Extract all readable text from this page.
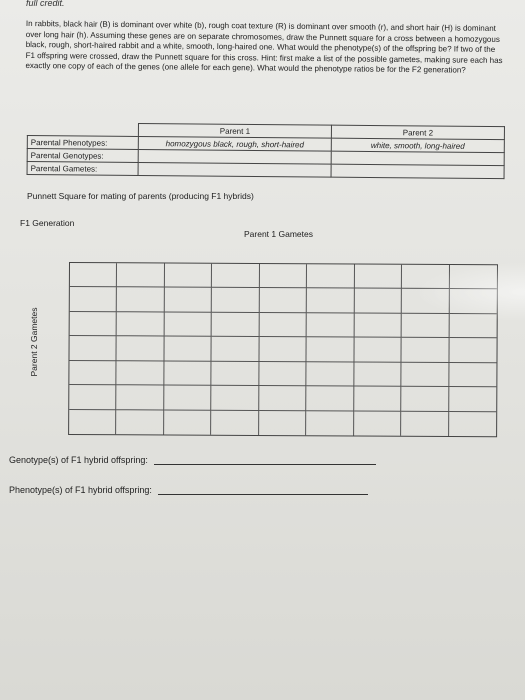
full credit.
In rabbits, black hair (B) is dominant over white (b), rough coat texture (R) is dominant over smooth (r), and short hair (H) is dominant over long hair (h). Assuming these genes are on separate chromosomes, draw the Punnett square for a cross between a homozygous black, rough, short-haired rabbit and a white, smooth, long-haired one. What would the phenotype(s) of the offspring be? If two of the F1 offspring were crossed, draw the Punnett square for this cross. Hint: first make a list of the possible gametes, making sure each has exactly one copy of each of the genes (one allele for each gene). What would the phenotype ratios be for the F2 generation?
	Parent 1	Parent 2
Parental Phenotypes:	homozygous black, rough, short-haired	white, smooth, long-haired
Parental Genotypes:		
Parental Gametes:		
Punnett Square for mating of parents (producing F1 hybrids)
F1 Generation
Parent 1 Gametes
Parent 2 Gametes
Genotype(s) of F1 hybrid offspring:
Phenotype(s) of F1 hybrid offspring:
